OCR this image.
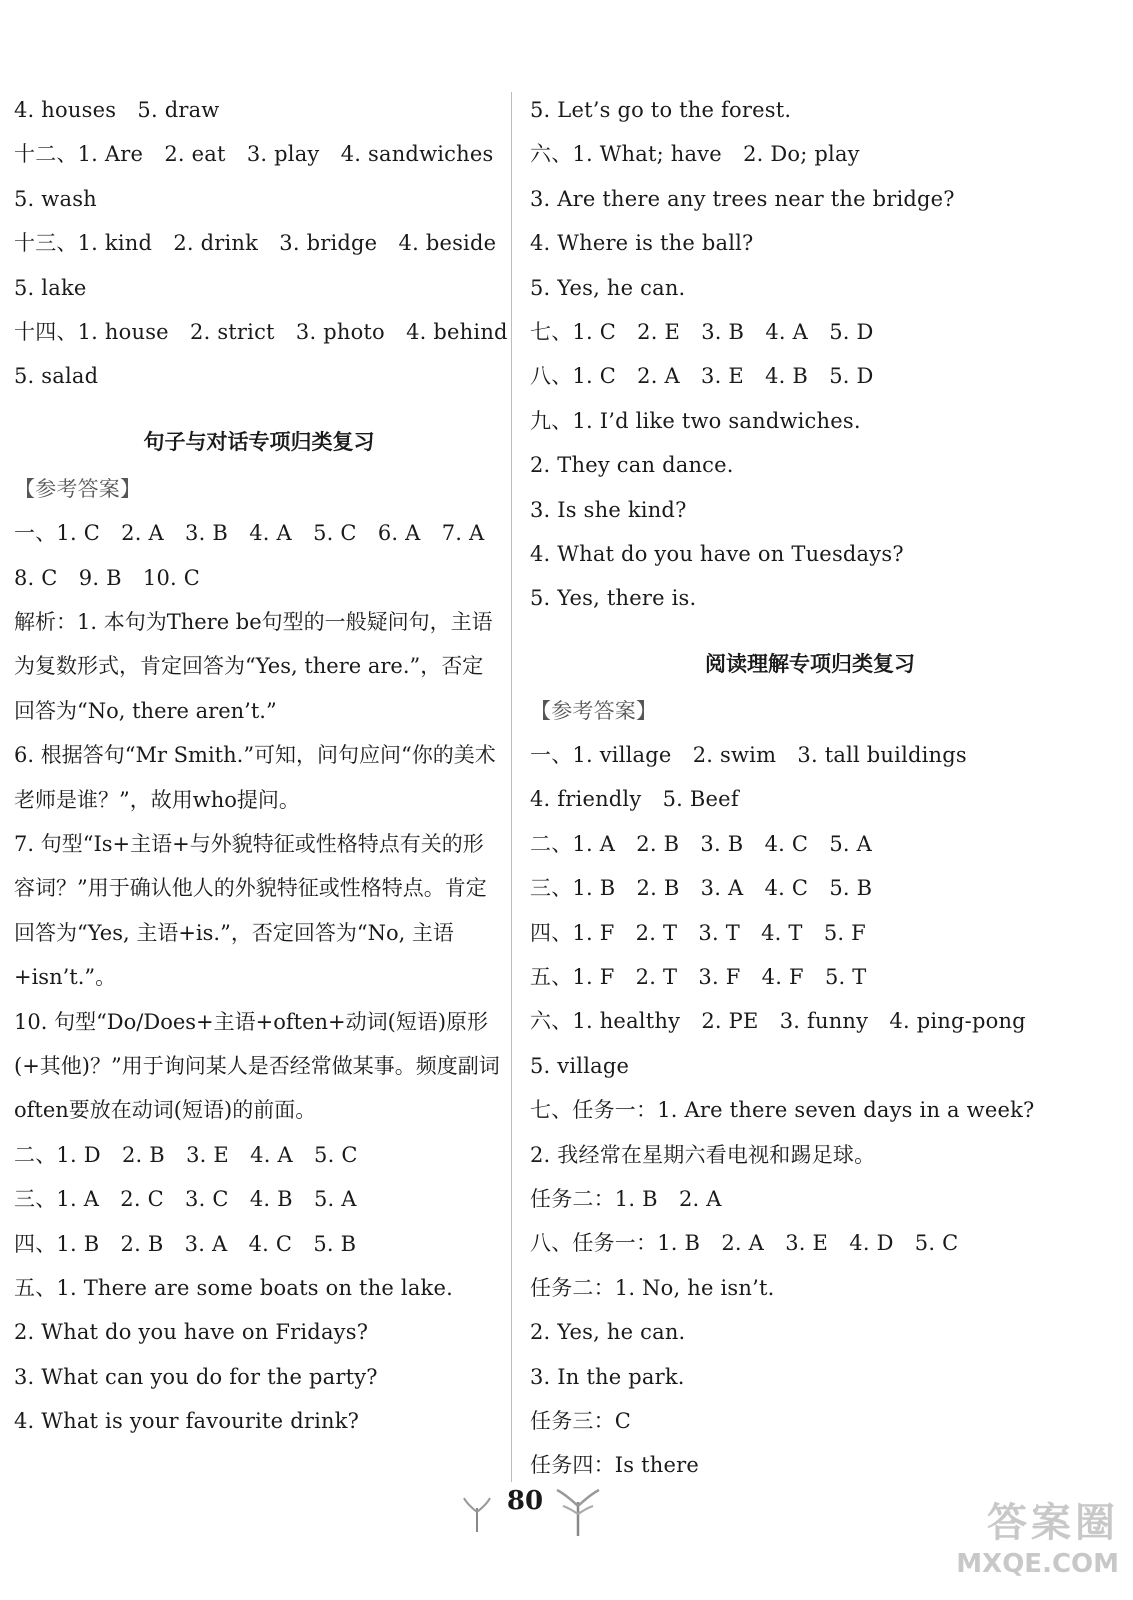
4. houses　5. draw
十二、1. Are　2. eat　3. play　4. sandwiches
5. wash
十三、1. kind　2. drink　3. bridge　4. beside
5. lake
十四、1. house　2. strict　3. photo　4. behind
5. salad
句子与对话专项归类复习
【参考答案】
一、1. C　2. A　3. B　4. A　5. C　6. A　7. A
8. C　9. B　10. C
解析：1. 本句为There be句型的一般疑问句，主语为复数形式，肯定回答为“Yes, there are.”，否定回答为“No, there aren’t.”
6. 根据答句“Mr Smith.”可知，问句应问“你的美术老师是谁？”，故用who提问。
7. 句型“Is+主语+与外貌特征或性格特点有关的形容词？”用于确认他人的外貌特征或性格特点。肯定回答为“Yes, 主语+is.”，否定回答为“No, 主语+isn’t.”。
10. 句型“Do/Does+主语+often+动词(短语)原形(+其他)？”用于询问某人是否经常做某事。频度副词often要放在动词(短语)的前面。
二、1. D　2. B　3. E　4. A　5. C
三、1. A　2. C　3. C　4. B　5. A
四、1. B　2. B　3. A　4. C　5. B
五、1. There are some boats on the lake.
2. What do you have on Fridays?
3. What can you do for the party?
4. What is your favourite drink?
5. Let’s go to the forest.
六、1. What; have　2. Do; play
3. Are there any trees near the bridge?
4. Where is the ball?
5. Yes, he can.
七、1. C　2. E　3. B　4. A　5. D
八、1. C　2. A　3. E　4. B　5. D
九、1. I’d like two sandwiches.
2. They can dance.
3. Is she kind?
4. What do you have on Tuesdays?
5. Yes, there is.
阅读理解专项归类复习
【参考答案】
一、1. village　2. swim　3. tall buildings
4. friendly　5. Beef
二、1. A　2. B　3. B　4. C　5. A
三、1. B　2. B　3. A　4. C　5. B
四、1. F　2. T　3. T　4. T　5. F
五、1. F　2. T　3. F　4. F　5. T
六、1. healthy　2. PE　3. funny　4. ping-pong
5. village
七、任务一：1. Are there seven days in a week?
2. 我经常在星期六看电视和踢足球。
任务二：1. B　2. A
八、任务一：1. B　2. A　3. E　4. D　5. C
任务二：1. No, he isn’t.
2. Yes, he can.
3. In the park.
任务三：C
任务四：Is there
80	答案圈
MXQE.COM
